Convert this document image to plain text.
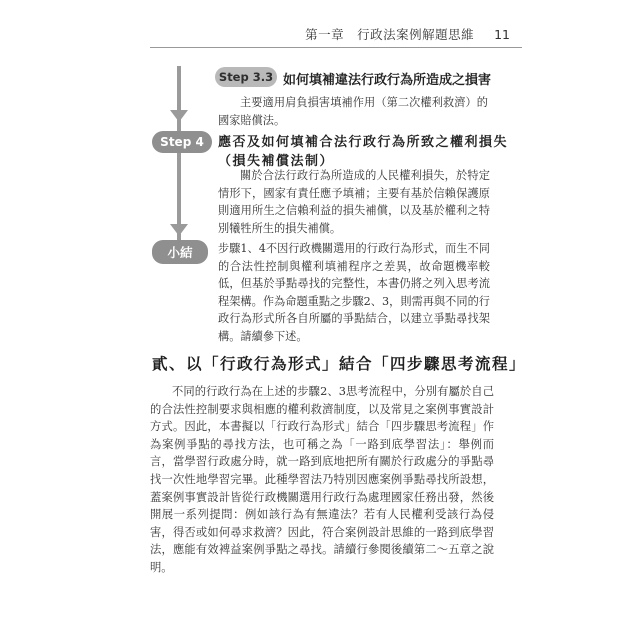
第一章　行政法案例解題思維 11
Step 3.3 如何填補違法行政行為所造成之損害
主要適用肩負損害填補作用（第二次權利救濟）的國家賠償法。
Step 4	應否及如何填補合法行政行為所致之權利損失
（損失補償法制）
關於合法行政行為所造成的人民權利損失，於特定情形下，國家有責任應予填補；主要有基於信賴保護原則適用所生之信賴利益的損失補償，以及基於權利之特別犧牲所生的損失補償。
小結	步驟1、4不因行政機關選用的行政行為形式，而生不同的合法性控制與權利填補程序之差異，故命題機率較低，但基於爭點尋找的完整性，本書仍將之列入思考流程架構。作為命題重點之步驟2、3，則需再與不同的行政行為形式所各自所屬的爭點結合，以建立爭點尋找架構。請續參下述。
貳、以「行政行為形式」結合「四步驟思考流程」
不同的行政行為在上述的步驟2、3思考流程中，分別有屬於自己的合法性控制要求與相應的權利救濟制度，以及常見之案例事實設計方式。因此，本書擬以「行政行為形式」結合「四步驟思考流程」作為案例爭點的尋找方法，也可稱之為「一路到底學習法」：舉例而言，當學習行政處分時，就一路到底地把所有關於行政處分的爭點尋找一次性地學習完畢。此種學習法乃特別因應案例爭點尋找所設想，蓋案例事實設計皆從行政機關選用行政行為處理國家任務出發，然後開展一系列提問：例如該行為有無違法？若有人民權利受該行為侵害，得否或如何尋求救濟？因此，符合案例設計思維的一路到底學習法，應能有效裨益案例爭點之尋找。請續行參閱後續第二～五章之說明。
